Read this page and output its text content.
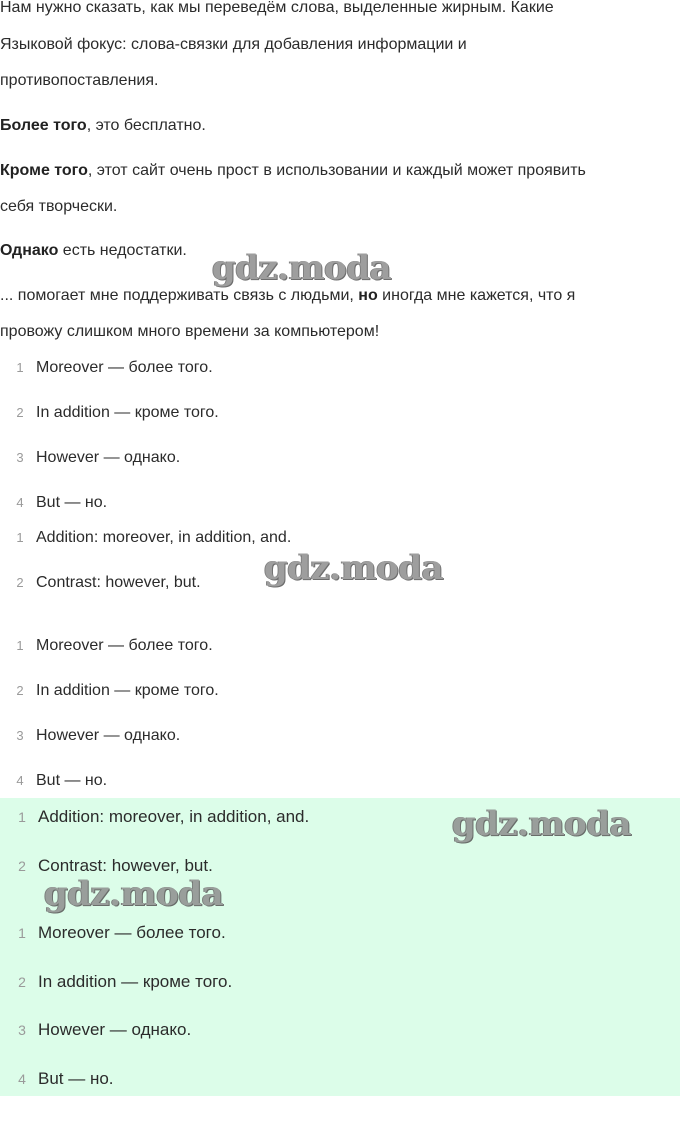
Нам нужно сказать, как мы переведём слова, выделенные жирным. Какие

Языковой фокус: слова-связки для добавления информации и

противопоставления.

Более того, это бесплатно.

Кроме того, этот сайт очень прост в использовании и каждый может проявить

себя творчески.

Однако есть недостатки.

... помогает мне поддерживать связь с людьми, но иногда мне кажется, что я

провожу слишком много времени за компьютером!

1 Moreover — более того.
2 In addition — кроме того.
3 However — однако.
4 But — но.
1 Addition: moreover, in addition, and.
2 Contrast: however, but.
1 Moreover — более того.
2 In addition — кроме того.
3 However — однако.
4 But — но.
1 Addition: moreover, in addition, and.
2 Contrast: however, but.
1 Moreover — более того.
2 In addition — кроме того.
3 However — однако.
4 But — но.
gdz.moda
gdz.moda
gdz.moda
gdz.moda
